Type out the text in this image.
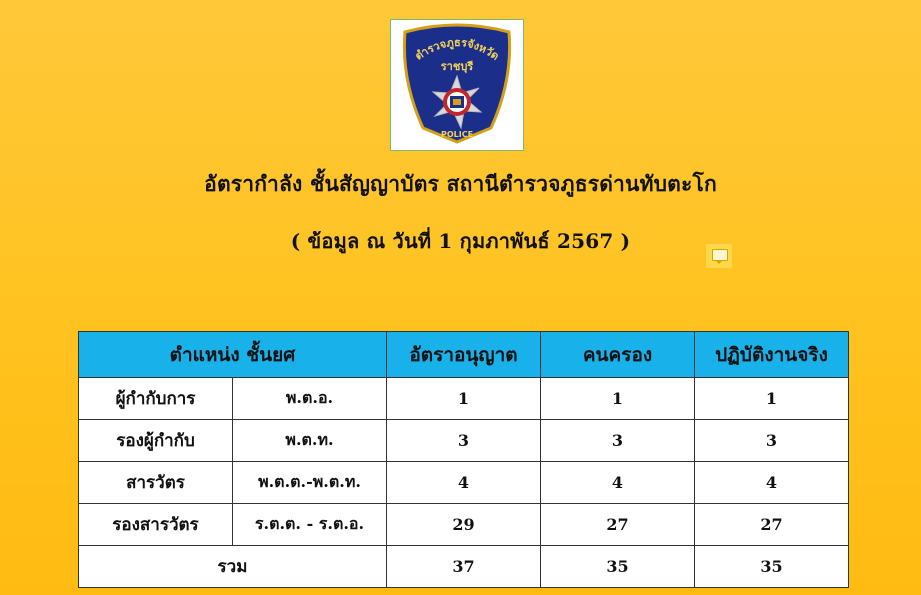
ตำรวจภูธรจังหวัด
ราชบุรี
POLICE
อัตรากำลัง ชั้นสัญญาบัตร สถานีตำรวจภูธรด่านทับตะโก
( ข้อมูล ณ วันที่ 1 กุมภาพันธ์ 2567 )
ตำแหน่ง ชั้นยศ		อัตราอนุญาต	คนครอง	ปฏิบัติงานจริง
ผู้กำกับการ	พ.ต.อ.	1	1	1
รองผู้กำกับ	พ.ต.ท.	3	3	3
สารวัตร	พ.ต.ต.-พ.ต.ท.	4	4	4
รองสารวัตร	ร.ต.ต. - ร.ต.อ.	29	27	27
รวม		37	35	35
